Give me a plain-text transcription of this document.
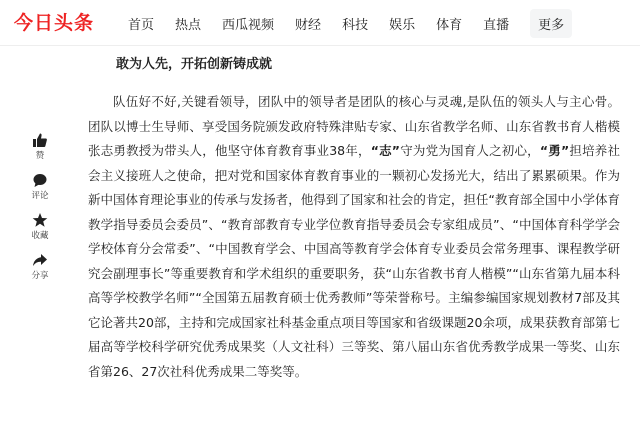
今日头条	首页 热点 西瓜视频 财经 科技 娱乐 体育 直播	更多
赞
评论
收藏
分享
敢为人先，开拓创新铸成就

队伍好不好,关键看领导，团队中的领导者是团队的核心与灵魂,是队伍的领头人与主心骨。团队以博士生导师、享受国务院颁发政府特殊津贴专家、山东省教学名师、山东省教书育人楷模张志勇教授为带头人，他坚守体育教育事业38年，“志”守为党为国育人之初心，“勇”担培养社会主义接班人之使命，把对党和国家体育教育事业的一颗初心发扬光大，结出了累累硕果。作为新中国体育理论事业的传承与发扬者，他得到了国家和社会的肯定，担任“教育部全国中小学体育教学指导委员会委员”、“教育部教育专业学位教育指导委员会专家组成员”、“中国体育科学学会学校体育分会常委”、“中国教育学会、中国高等教育学会体育专业委员会常务理事、课程教学研究会副理事长”等重要教育和学术组织的重要职务，获“山东省教书育人楷模”“山东省第九届本科高等学校教学名师”“全国第五届教育硕士优秀教师”等荣誉称号。主编参编国家规划教材7部及其它论著共20部，主持和完成国家社科基金重点项目等国家和省级课题20余项，成果获教育部第七届高等学校科学研究优秀成果奖（人文社科）三等奖、第八届山东省优秀教学成果一等奖、山东省第26、27次社科优秀成果二等奖等。
